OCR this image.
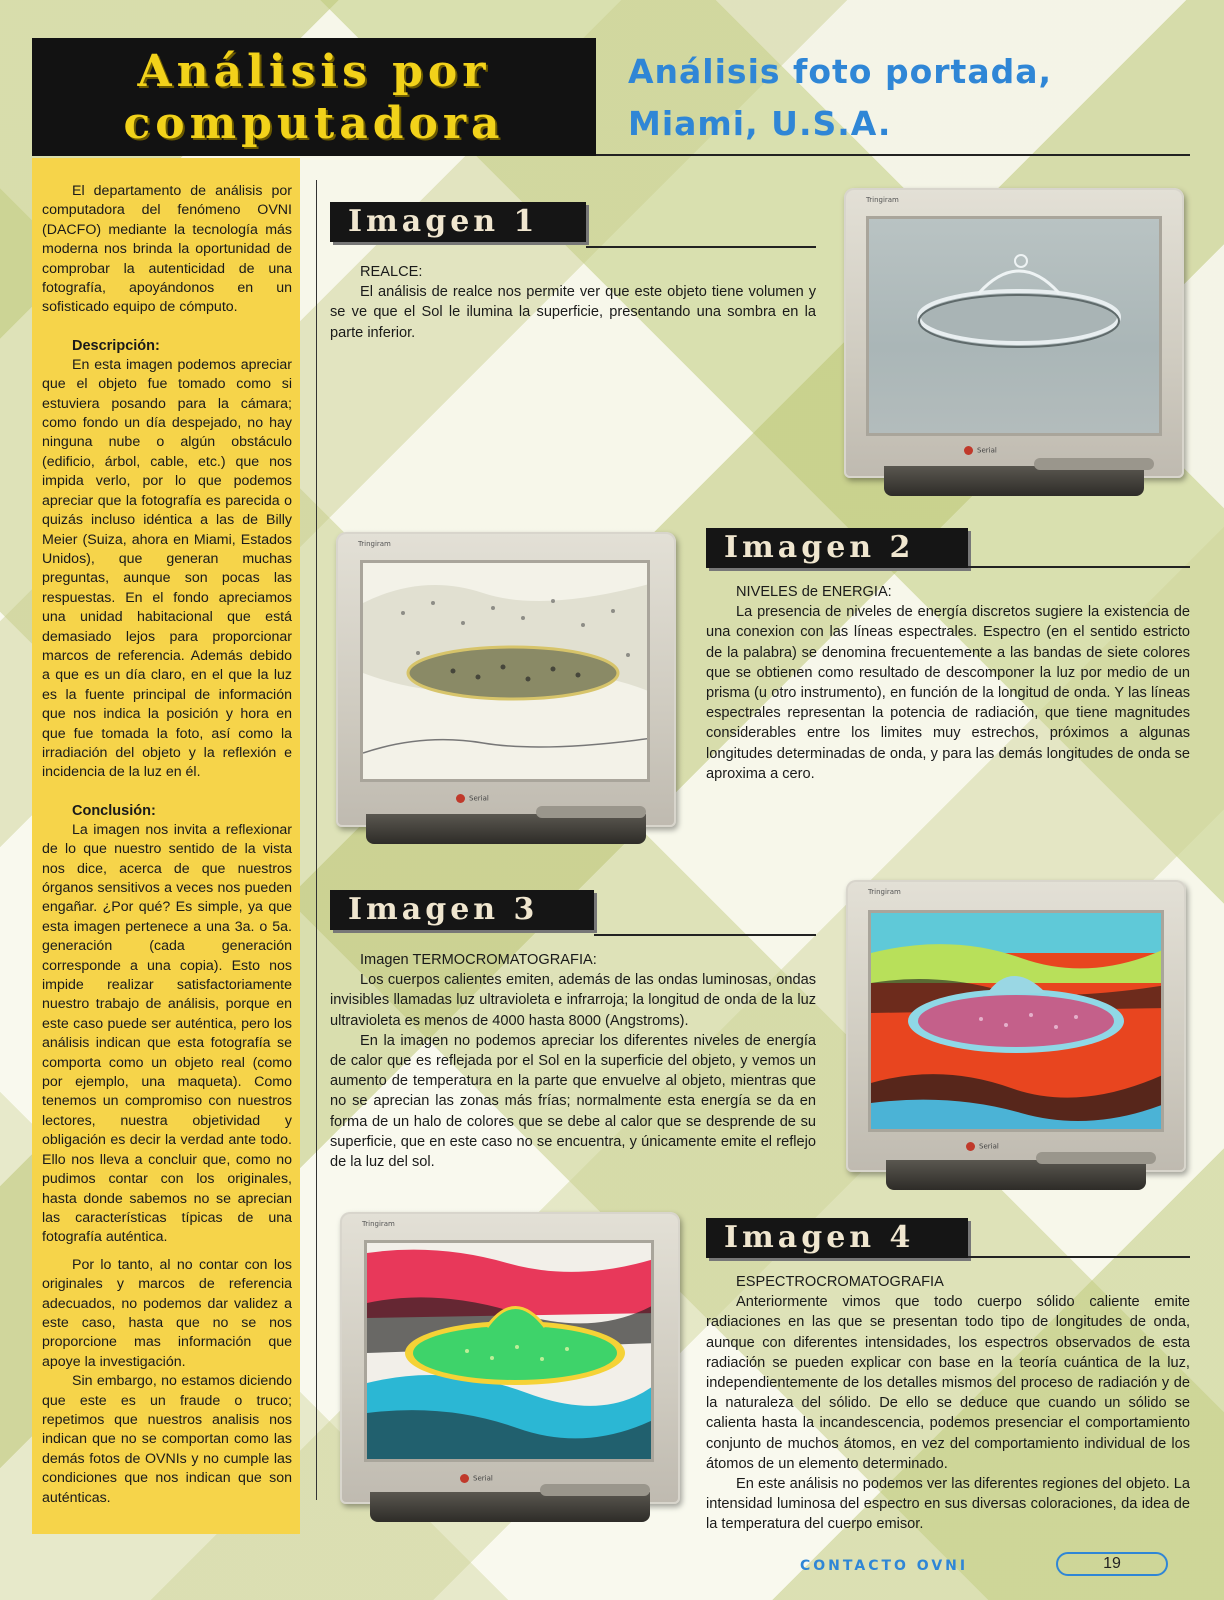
Análisis por
computadora
Análisis foto portada,
Miami, U.S.A.

El departamento de análisis por computadora del fenómeno OVNI (DACFO) mediante la tecnología más moderna nos brinda la oportunidad de comprobar la autenticidad de una fotografía, apoyándonos en un sofisticado equipo de cómputo.

Descripción:

En esta imagen podemos apreciar que el objeto fue tomado como si estuviera posando para la cámara; como fondo un día despejado, no hay ninguna nube o algún obstáculo (edificio, árbol, cable, etc.) que nos impida verlo, por lo que podemos apreciar que la fotografía es parecida o quizás incluso idéntica a las de Billy Meier (Suiza, ahora en Miami, Estados Unidos), que generan muchas preguntas, aunque son pocas las respuestas. En el fondo apreciamos una unidad habitacional que está demasiado lejos para proporcionar marcos de referencia. Además debido a que es un día claro, en el que la luz es la fuente principal de información que nos indica la posición y hora en que fue tomada la foto, así como la irradiación del objeto y la reflexión e incidencia de la luz en él.

Conclusión:

La imagen nos invita a reflexionar de lo que nuestro sentido de la vista nos dice, acerca de que nuestros órganos sensitivos a veces nos pueden engañar. ¿Por qué? Es simple, ya que esta imagen pertenece a una 3a. o 5a. generación (cada generación corresponde a una copia). Esto nos impide realizar satisfactoriamente nuestro trabajo de análisis, porque en este caso puede ser auténtica, pero los análisis indican que esta fotografía se comporta como un objeto real (como por ejemplo, una maqueta). Como tenemos un compromiso con nuestros lectores, nuestra objetividad y obligación es decir la verdad ante todo. Ello nos lleva a concluir que, como no pudimos contar con los originales, hasta donde sabemos no se aprecian las características típicas de una fotografía auténtica.

Por lo tanto, al no contar con los originales y marcos de referencia adecuados, no podemos dar validez a este caso, hasta que no se nos proporcione mas información que apoye la investigación.

Sin embargo, no estamos diciendo que este es un fraude o truco; repetimos que nuestros analisis nos indican que no se comportan como las demás fotos de OVNIs y no cumple las condiciones que nos indican que son auténticas.

Imagen 1
REALCE:

El análisis de realce nos permite ver que este objeto tiene volumen y se ve que el Sol le ilumina la superficie, presentando una sombra en la parte inferior.

Tringiram
Serial
Tringiram
Serial
Imagen 2
NIVELES de ENERGIA:

La presencia de niveles de energía discretos sugiere la existencia de una conexion con las líneas espectrales. Espectro (en el sentido estricto de la palabra) se denomina frecuentemente a las bandas de siete colores que se obtienen como resultado de descomponer la luz por medio de un prisma (u otro instrumento), en función de la longitud de onda. Y las líneas espectrales representan la potencia de radiación, que tiene magnitudes considerables entre los limites muy estrechos, próximos a algunas longitudes determinadas de onda, y para las demás longitudes de onda se aproxima a cero.

Imagen 3
Imagen TERMOCROMATOGRAFIA:

Los cuerpos calientes emiten, además de las ondas luminosas, ondas invisibles llamadas luz ultravioleta e infrarroja; la longitud de onda de la luz ultravioleta es menos de 4000 hasta 8000 (Angstroms).

En la imagen no podemos apreciar los diferentes niveles de energía de calor que es reflejada por el Sol en la superficie del objeto, y vemos un aumento de temperatura en la parte que envuelve al objeto, mientras que no se aprecian las zonas más frías; normalmente esta energía se da en forma de un halo de colores que se debe al calor que se desprende de su superficie, que en este caso no se encuentra, y únicamente emite el reflejo de la luz del sol.

Tringiram
Serial
Tringiram
Serial
Imagen 4
ESPECTROCROMATOGRAFIA

Anteriormente vimos que todo cuerpo sólido caliente emite radiaciones en las que se presentan todo tipo de longitudes de onda, aunque con diferentes intensidades, los espectros observados de esta radiación se pueden explicar con base en la teoría cuántica de la luz, independientemente de los detalles mismos del proceso de radiación y de la naturaleza del sólido. De ello se deduce que cuando un sólido se calienta hasta la incandescencia, podemos presenciar el comportamiento conjunto de muchos átomos, en vez del comportamiento individual de los átomos de un elemento determinado.

En este análisis no podemos ver las diferentes regiones del objeto. La intensidad luminosa del espectro en sus diversas coloraciones, da idea de la temperatura del cuerpo emisor.

CONTACTO OVNI	19
